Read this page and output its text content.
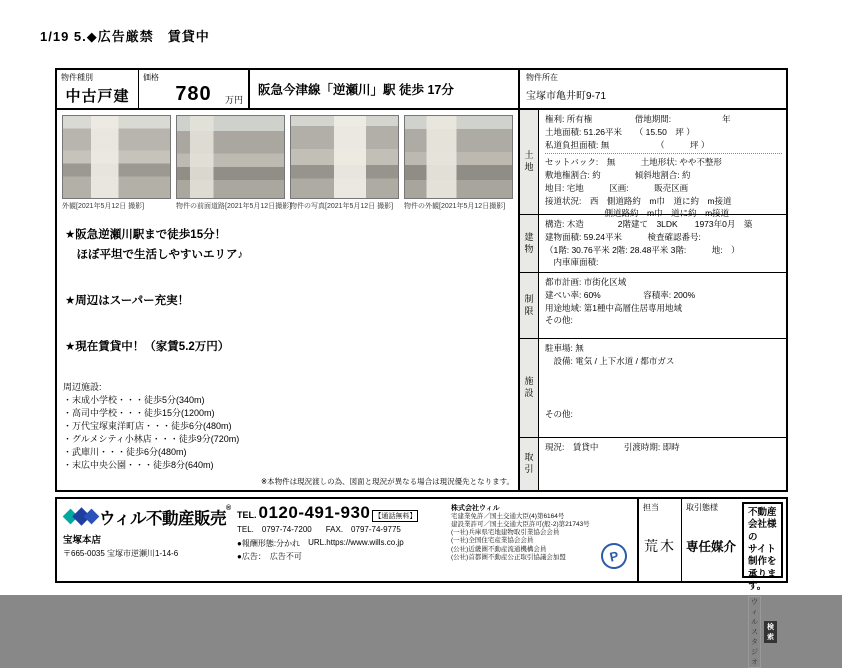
1/19 5.◆広告厳禁　賃貸中
物件種別
中古戸建
価格
780	万円
阪急今津線「逆瀬川」駅 徒歩 17分
外観[2021年5月12日 撮影]	物件の前面道路[2021年5月12日撮影]
物件の写真[2021年5月12日 撮影]	物件の外観[2021年5月12日撮影]
★阪急逆瀬川駅まで徒歩15分！
　ほぼ平坦で生活しやすいエリア♪
★周辺はスーパー充実！
★現在賃貸中！（家賃5.2万円）
周辺施設:
・末成小学校・・・徒歩5分(340m)
・高司中学校・・・徒歩15分(1200m)
・万代宝塚東洋町店・・・徒歩6分(480m)
・グルメシティ小林店・・・徒歩9分(720m)
・武庫川・・・徒歩6分(480m)
・末広中央公園・・・徒歩8分(640m)
※本物件は現況渡しの為、図面と現況が異なる場合は現況優先となります。
物件所在
宝塚市亀井町9-71
土地
権利: 所有権　　　　　借地期間:　　　　　　年
土地面積: 51.26平米　　（ 15.50　坪 ）
私道負担面積: 無　　　　　　（　　　坪 ）
セットバック:　無　　　土地形状: やや不整形
敷地権割合: 約　　　　傾斜地割合: 約
地目: 宅地　　　区画:　　　販売区画
接道状況:　西　側道路約　m巾　道に約　m接道
　　　　　　　側道路約　m巾　道に約　m接道
建物
構造: 木造　　　　2階建て　3LDK　　1973年0月　築
建物面積: 59.24平米　　　検査確認番号:
（1階: 30.76平米 2階: 28.48平米 3階:　　　地:　）
　内車庫面積:
制限
都市計画: 市街化区域
建ぺい率: 60%　　　　　容積率: 200%
用途地域: 第1種中高層住居専用地域
その他:
施設
駐車場: 無
　設備: 電気 / 上下水道 / 都市ガス
その他:
取引
現況:　賃貸中　　　引渡時期: 即時
ウィル不動産販売®
宝塚本店
〒665-0035 宝塚市逆瀬川1-14-6
TEL. 0120-491-930 【通話無料】
TEL.　0797-74-7200 FAX.　0797-74-9775
●報酬形態:分かれ URL.https://www.wills.co.jp
●広告：　広告不可
株式会社ウィル
宅建業免許／国土交通大臣(4)第6164号
建設業許可／国土交通大臣許可(般-2)第21743号
(一社)兵庫県宅地建物取引業協会会員
(一社)全国住宅産業協会会員
(公社)近畿圏不動産流通機構会員
(公社)首都圏不動産公正取引協議会加盟	P
担当
荒木
取引態様
専任媒介
不動産会社様の
サイト制作を
承ります。
ウィルスタジオ
検索
